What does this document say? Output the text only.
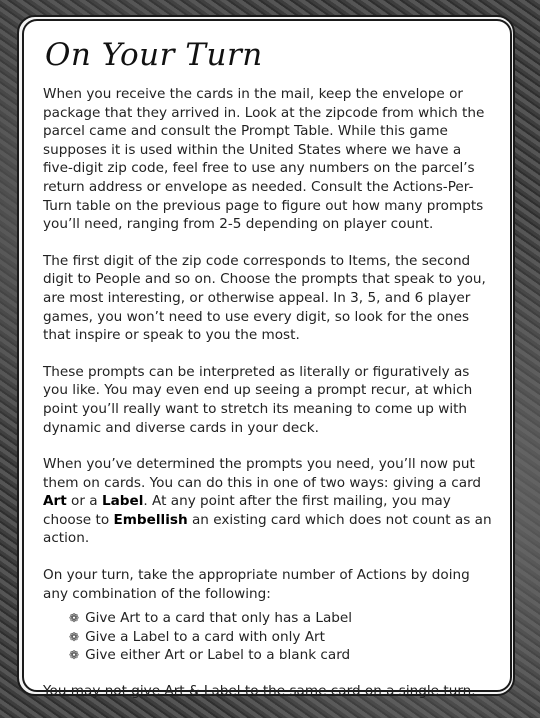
On Your Turn

When you receive the cards in the mail, keep the envelope or package that they arrived in. Look at the zipcode from which the parcel came and consult the Prompt Table. While this game supposes it is used within the United States where we have a five-digit zip code, feel free to use any numbers on the parcel’s return address or envelope as needed. Consult the Actions-Per-Turn table on the previous page to figure out how many prompts you’ll need, ranging from 2-5 depending on player count.

The first digit of the zip code corresponds to Items, the second digit to People and so on. Choose the prompts that speak to you, are most interesting, or otherwise appeal. In 3, 5, and 6 player games, you won’t need to use every digit, so look for the ones that inspire or speak to you the most.

These prompts can be interpreted as literally or figuratively as you like. You may even end up seeing a prompt recur, at which point you’ll really want to stretch its meaning to come up with dynamic and diverse cards in your deck.

When you’ve determined the prompts you need, you’ll now put them on cards. You can do this in one of two ways: giving a card Art or a Label. At any point after the first mailing, you may choose to Embellish an existing card which does not count as an action.

On your turn, take the appropriate number of Actions by doing any combination of the following:

❁ Give Art to a card that only has a Label
❁ Give a Label to a card with only Art
❁ Give either Art or Label to a blank card

You may not give Art & Label to the same card on a single turn.
